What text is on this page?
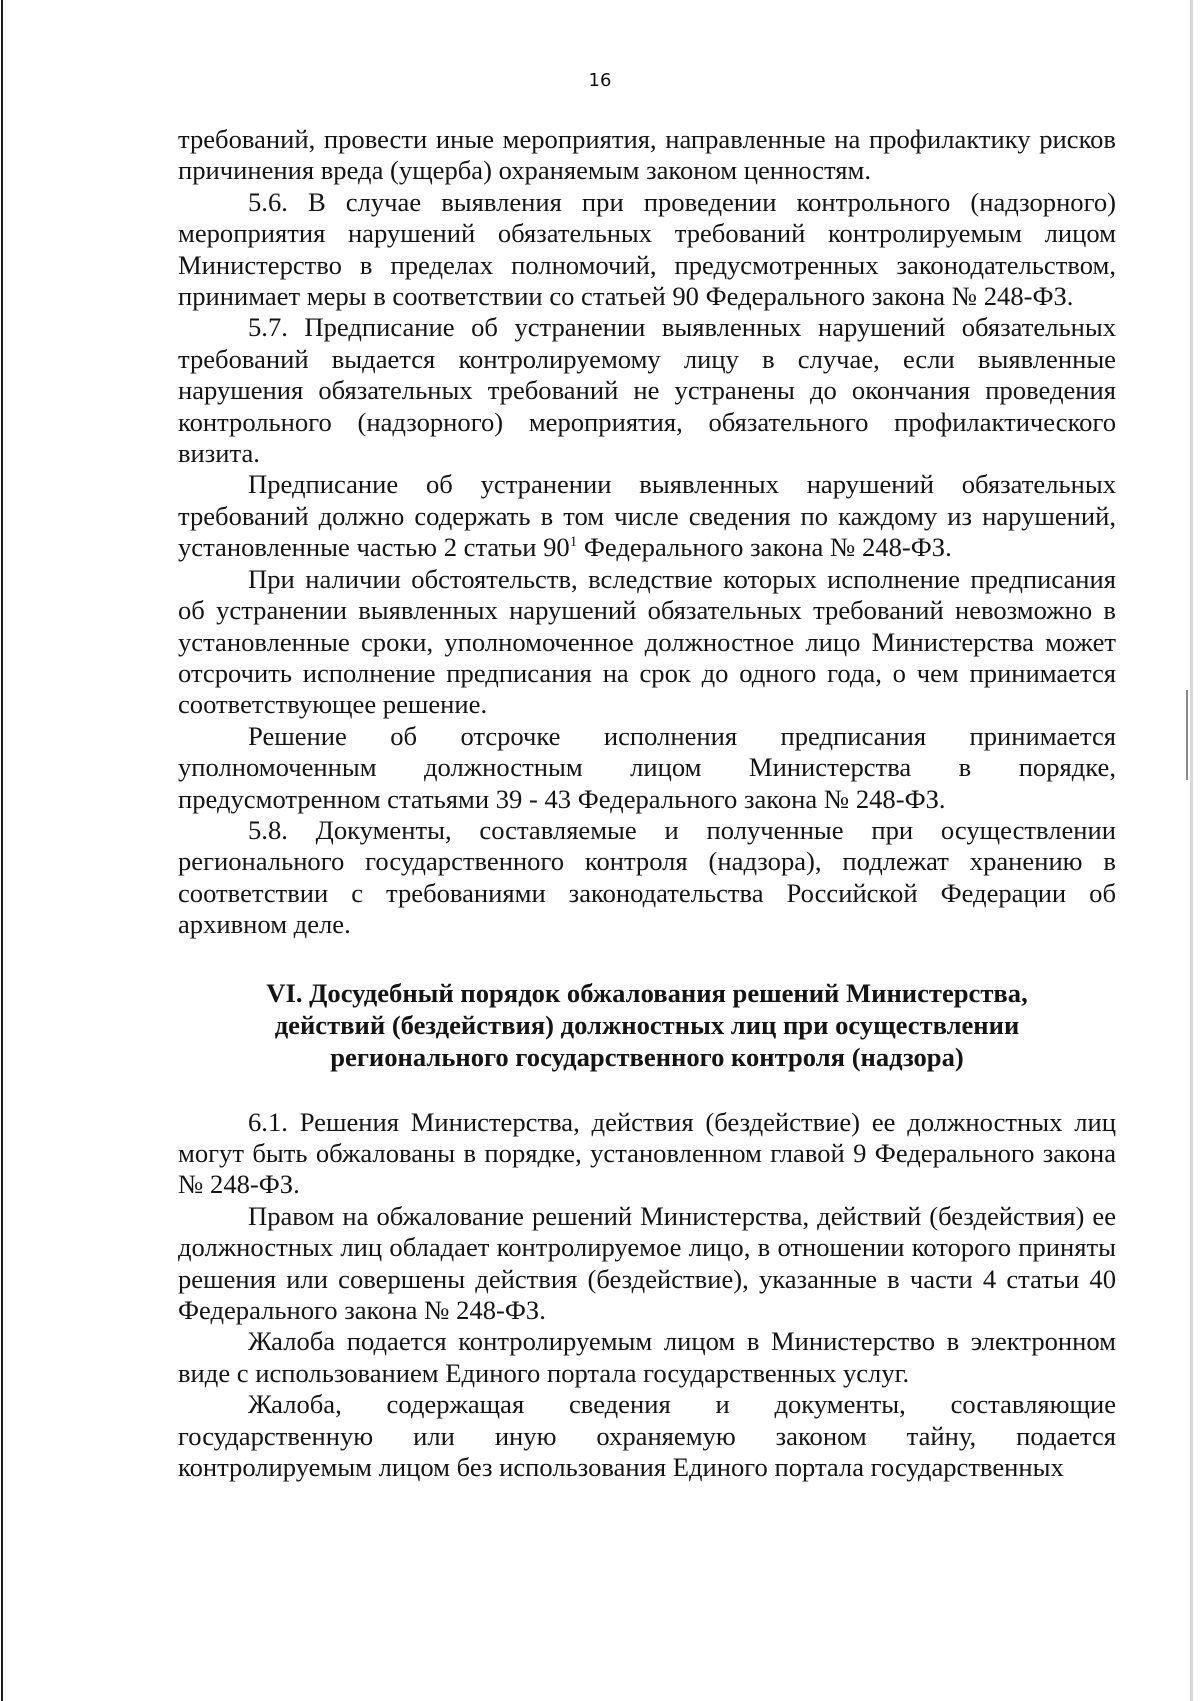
16

требований, провести иные мероприятия, направленные на профилактику рисков причинения вреда (ущерба) охраняемым законом ценностям.

5.6. В случае выявления при проведении контрольного (надзорного) мероприятия нарушений обязательных требований контролируемым лицом Министерство в пределах полномочий, предусмотренных законодательством, принимает меры в соответствии со статьей 90 Федерального закона № 248-ФЗ.

5.7. Предписание об устранении выявленных нарушений обязательных требований выдается контролируемому лицу в случае, если выявленные нарушения обязательных требований не устранены до окончания проведения контрольного (надзорного) мероприятия, обязательного профилактического визита.

Предписание об устранении выявленных нарушений обязательных требований должно содержать в том числе сведения по каждому из нарушений, установленные частью 2 статьи $90^1$ Федерального закона № 248-ФЗ.

При наличии обстоятельств, вследствие которых исполнение предписания об устранении выявленных нарушений обязательных требований невозможно в установленные сроки, уполномоченное должностное лицо Министерства может отсрочить исполнение предписания на срок до одного года, о чем принимается соответствующее решение.

Решение об отсрочке исполнения предписания принимается уполномоченным должностным лицом Министерства в порядке, предусмотренном статьями 39 - 43 Федерального закона № 248-ФЗ.

5.8. Документы, составляемые и полученные при осуществлении регионального государственного контроля (надзора), подлежат хранению в соответствии с требованиями законодательства Российской Федерации об архивном деле.

VI. Досудебный порядок обжалования решений Министерства,
действий (бездействия) должностных лиц при осуществлении
регионального государственного контроля (надзора)

6.1. Решения Министерства, действия (бездействие) ее должностных лиц могут быть обжалованы в порядке, установленном главой 9 Федерального закона № 248-ФЗ.

Правом на обжалование решений Министерства, действий (бездействия) ее должностных лиц обладает контролируемое лицо, в отношении которого приняты решения или совершены действия (бездействие), указанные в части 4 статьи 40 Федерального закона № 248-ФЗ.

Жалоба подается контролируемым лицом в Министерство в электронном виде с использованием Единого портала государственных услуг.

Жалоба, содержащая сведения и документы, составляющие государственную или иную охраняемую законом тайну, подается контролируемым лицом без использования Единого портала государственных
